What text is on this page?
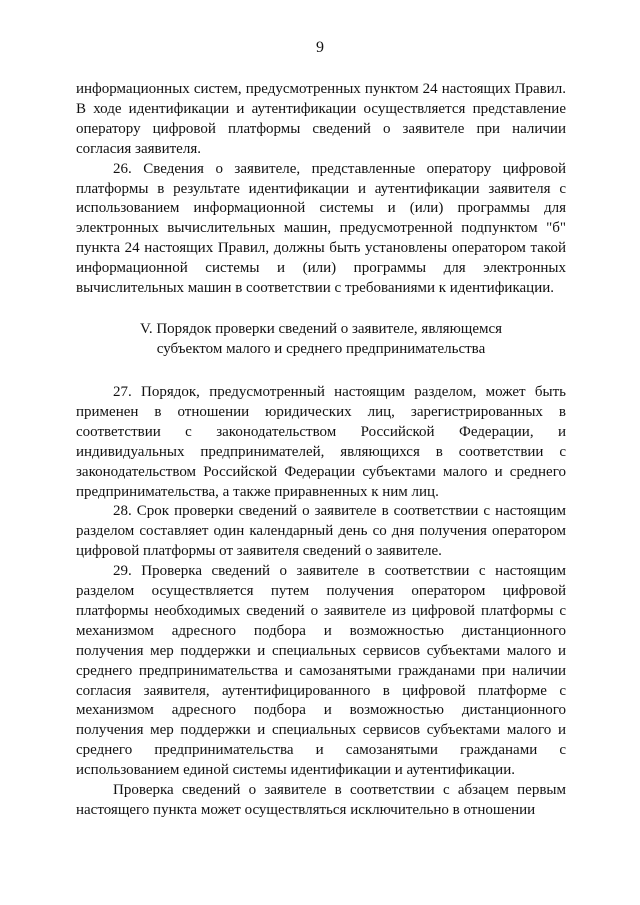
9

информационных систем, предусмотренных пунктом 24 настоящих Правил. В ходе идентификации и аутентификации осуществляется представление оператору цифровой платформы сведений о заявителе при наличии согласия заявителя.

26. Сведения о заявителе, представленные оператору цифровой платформы в результате идентификации и аутентификации заявителя с использованием информационной системы и (или) программы для электронных вычислительных машин, предусмотренной подпунктом "б" пункта 24 настоящих Правил, должны быть установлены оператором такой информационной системы и (или) программы для электронных вычислительных машин в соответствии с требованиями к идентификации.

V. Порядок проверки сведений о заявителе, являющемся
субъектом малого и среднего предпринимательства

27. Порядок, предусмотренный настоящим разделом, может быть применен в отношении юридических лиц, зарегистрированных в соответствии с законодательством Российской Федерации, и индивидуальных предпринимателей, являющихся в соответствии с законодательством Российской Федерации субъектами малого и среднего предпринимательства, а также приравненных к ним лиц.

28. Срок проверки сведений о заявителе в соответствии с настоящим разделом составляет один календарный день со дня получения оператором цифровой платформы от заявителя сведений о заявителе.

29. Проверка сведений о заявителе в соответствии с настоящим разделом осуществляется путем получения оператором цифровой платформы необходимых сведений о заявителе из цифровой платформы с механизмом адресного подбора и возможностью дистанционного получения мер поддержки и специальных сервисов субъектами малого и среднего предпринимательства и самозанятыми гражданами при наличии согласия заявителя, аутентифицированного в цифровой платформе с механизмом адресного подбора и возможностью дистанционного получения мер поддержки и специальных сервисов субъектами малого и среднего предпринимательства и самозанятыми гражданами с использованием единой системы идентификации и аутентификации.

Проверка сведений о заявителе в соответствии с абзацем первым настоящего пункта может осуществляться исключительно в отношении
